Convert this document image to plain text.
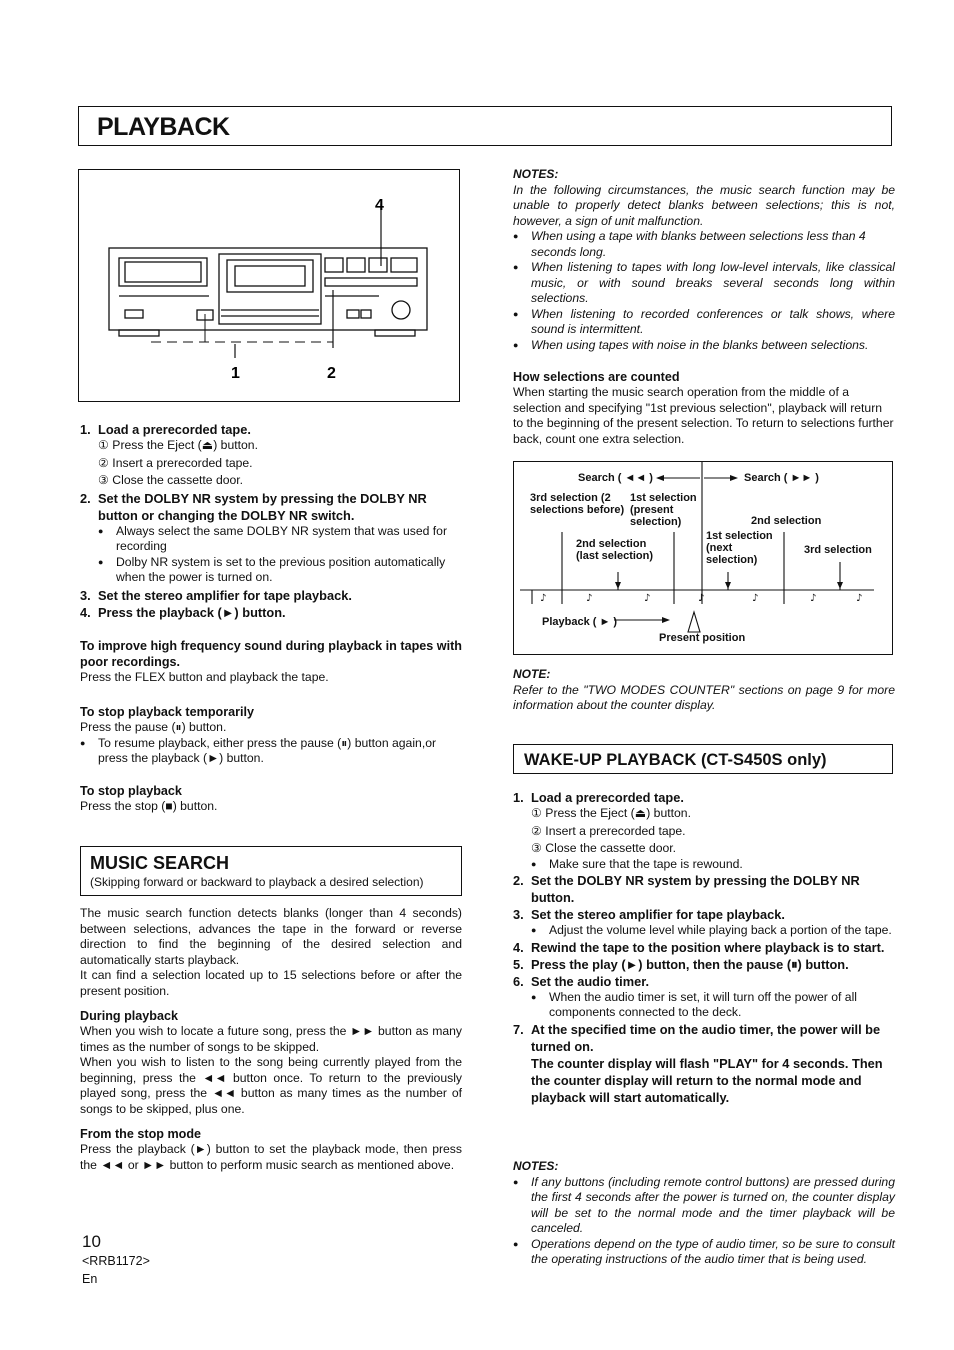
PLAYBACK
4
1	2
1. Load a prerecorded tape.

① Press the Eject (⏏) button.

② Insert a prerecorded tape.

③ Close the cassette door.

2. Set the DOLBY NR system by pressing the DOLBY NR button or changing the DOLBY NR switch.
●	Always select the same DOLBY NR system that was used for recording
●	Dolby NR system is set to the previous position automatically when the power is turned on.
3. Set the stereo amplifier for tape playback.
4. Press the playback (►) button.
To improve high frequency sound during playback in tapes with poor recordings.

Press the FLEX button and playback the tape.

To stop playback temporarily

Press the pause (⏸) button.

●	To resume playback, either press the pause (⏸) button again,or press the playback (►) button.
To stop playback

Press the stop (■) button.

MUSIC SEARCH
(Skipping forward or backward to playback a desired selection)

The music search function detects blanks (longer than 4 seconds) between selections, advances the tape in the forward or reverse direction to find the beginning of the desired selection and automatically starts playback.

It can find a selection located up to 15 selections before or after the present position.

During playback

When you wish to locate a future song, press the ►► button as many times as the number of songs to be skipped.

When you wish to listen to the song being currently played from the beginning, press the ◄◄ button once. To return to the previously played song, press the ◄◄ button as many times as the number of songs to be skipped, plus one.

From the stop mode

Press the playback (►) button to set the playback mode, then press the ◄◄ or ►► button to perform music search as mentioned above.

10
<RRB1172>
En
NOTES:

In the following circumstances, the music search function may be unable to properly detect blanks between selections; this is not, however, a sign of unit malfunction.

●	When using a tape with blanks between selections less than 4 seconds long.
●	When listening to tapes with long low-level intervals, like classical music, or with sound breaks several seconds long within selections.
●	When listening to recorded conferences or talk shows, where sound is intermittent.
●	When using tapes with noise in the blanks between selections.
How selections are counted

When starting the music search operation from the middle of a selection and specifying "1st previous selection", playback will return to the beginning of the present selection. To return to selections further back, count one extra selection.

♪	♪	♪	♪	♪	♪	♪
Search ( ◄◄ )	Search ( ►► )
3rd selection (2 selections before)
1st selection (present selection)	2nd selection
2nd selection (last selection)
1st selection (next selection)
3rd selection
Playback ( ► )
Present position
NOTE:

Refer to the "TWO MODES COUNTER" sections on page 9 for more information about the counter display.

WAKE-UP PLAYBACK (CT-S450S only)
1. Load a prerecorded tape.

① Press the Eject (⏏) button.

② Insert a prerecorded tape.

③ Close the cassette door.

●	Make sure that the tape is rewound.
2. Set the DOLBY NR system by pressing the DOLBY NR button.
3. Set the stereo amplifier for tape playback.
●	Adjust the volume level while playing back a portion of the tape.
4. Rewind the tape to the position where playback is to start.
5. Press the play (►) button, then the pause (⏸) button.
6. Set the audio timer.
●	When the audio timer is set, it will turn off the power of all components connected to the deck.
7. At the specified time on the audio timer, the power will be turned on.
The counter display will flash "PLAY" for 4 seconds. Then the counter display will return to the normal mode and playback will start automatically.
NOTES:
●	If any buttons (including remote control buttons) are pressed during the first 4 seconds after the power is turned on, the counter display will be set to the normal mode and the timer playback will be canceled.
●	Operations depend on the type of audio timer, so be sure to consult the operating instructions of the audio timer that is being used.
